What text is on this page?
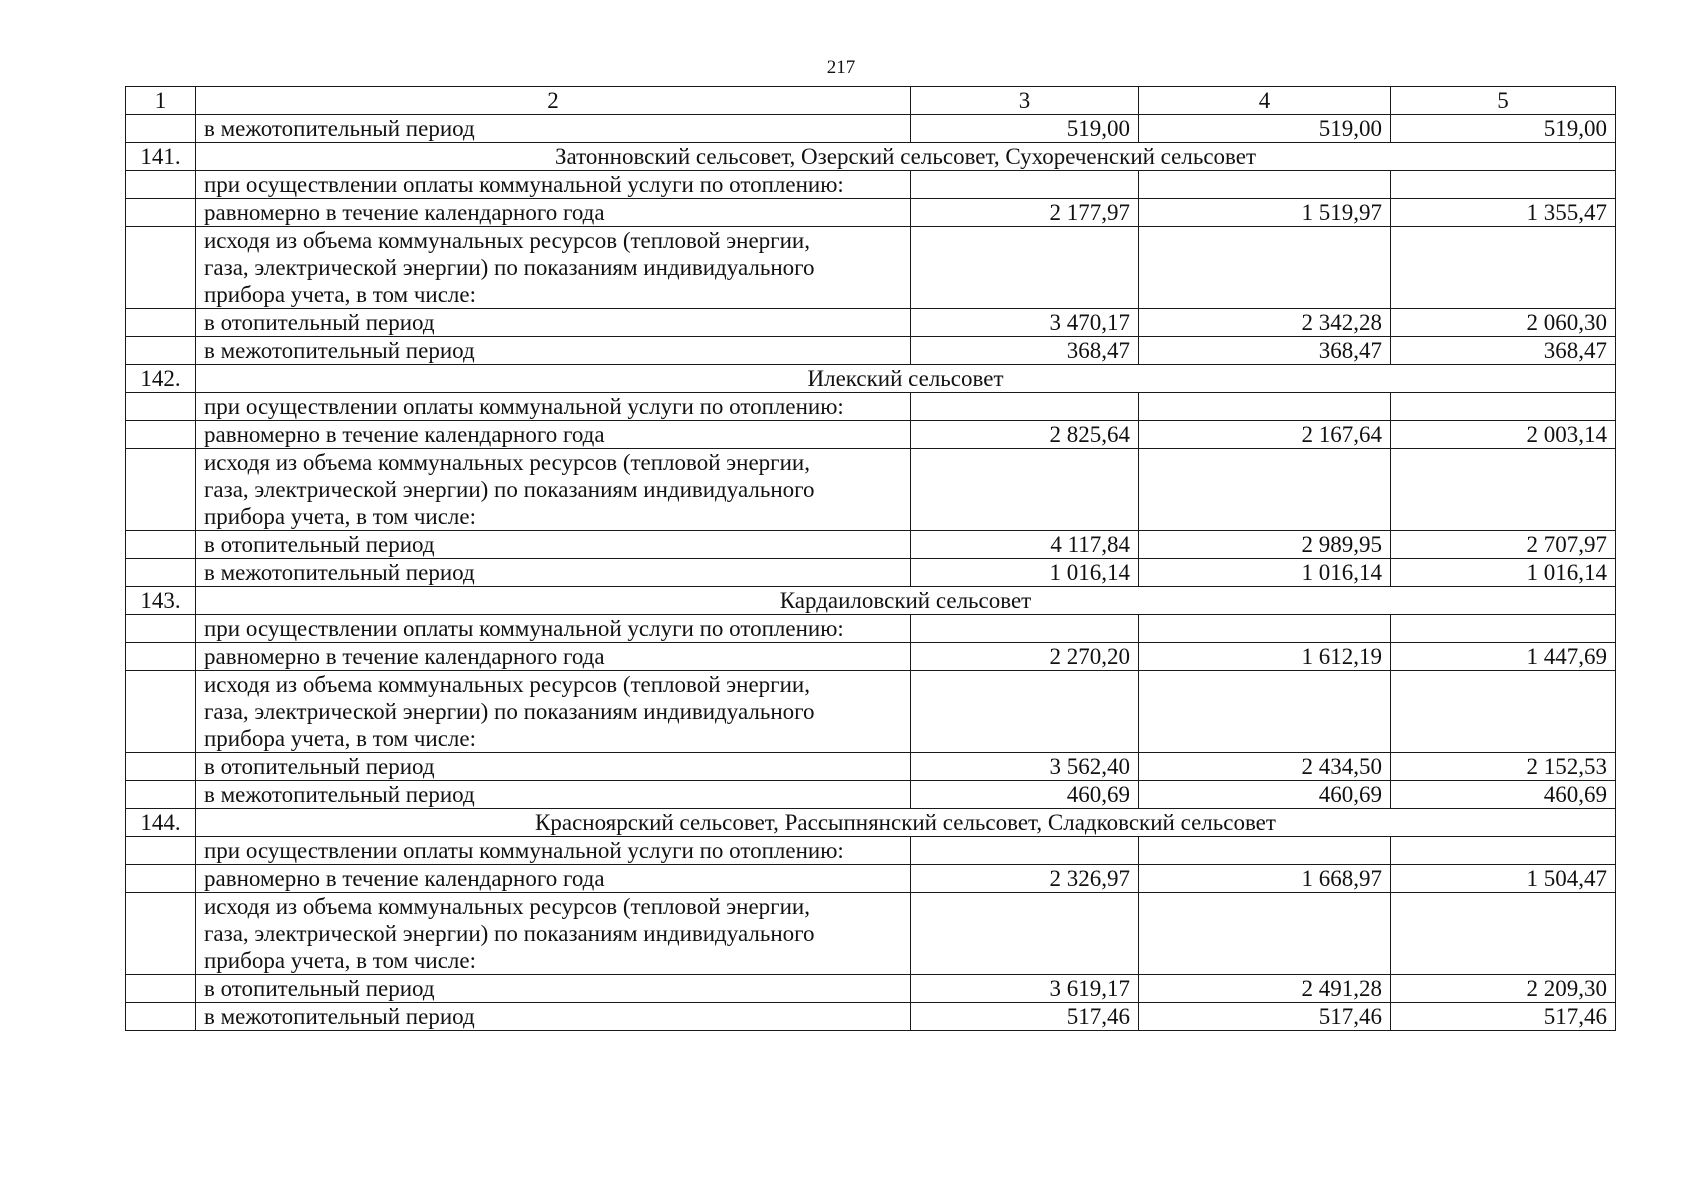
217
1	2	3	4	5
	в межотопительный период	519,00	519,00	519,00
141.	Затонновский сельсовет, Озерский сельсовет, Сухореченский сельсовет			
	при осуществлении оплаты коммунальной услуги по отоплению:			
	равномерно в течение календарного года	2 177,97	1 519,97	1 355,47
	исходя из объема коммунальных ресурсов (тепловой энергии,
газа, электрической энергии) по показаниям индивидуального
прибора учета, в том числе:			
	в отопительный период	3 470,17	2 342,28	2 060,30
	в межотопительный период	368,47	368,47	368,47
142.	Илекский сельсовет			
	при осуществлении оплаты коммунальной услуги по отоплению:			
	равномерно в течение календарного года	2 825,64	2 167,64	2 003,14
	исходя из объема коммунальных ресурсов (тепловой энергии,
газа, электрической энергии) по показаниям индивидуального
прибора учета, в том числе:			
	в отопительный период	4 117,84	2 989,95	2 707,97
	в межотопительный период	1 016,14	1 016,14	1 016,14
143.	Кардаиловский сельсовет			
	при осуществлении оплаты коммунальной услуги по отоплению:			
	равномерно в течение календарного года	2 270,20	1 612,19	1 447,69
	исходя из объема коммунальных ресурсов (тепловой энергии,
газа, электрической энергии) по показаниям индивидуального
прибора учета, в том числе:			
	в отопительный период	3 562,40	2 434,50	2 152,53
	в межотопительный период	460,69	460,69	460,69
144.	Красноярский сельсовет, Рассыпнянский сельсовет, Сладковский сельсовет			
	при осуществлении оплаты коммунальной услуги по отоплению:			
	равномерно в течение календарного года	2 326,97	1 668,97	1 504,47
	исходя из объема коммунальных ресурсов (тепловой энергии,
газа, электрической энергии) по показаниям индивидуального
прибора учета, в том числе:			
	в отопительный период	3 619,17	2 491,28	2 209,30
	в межотопительный период	517,46	517,46	517,46
